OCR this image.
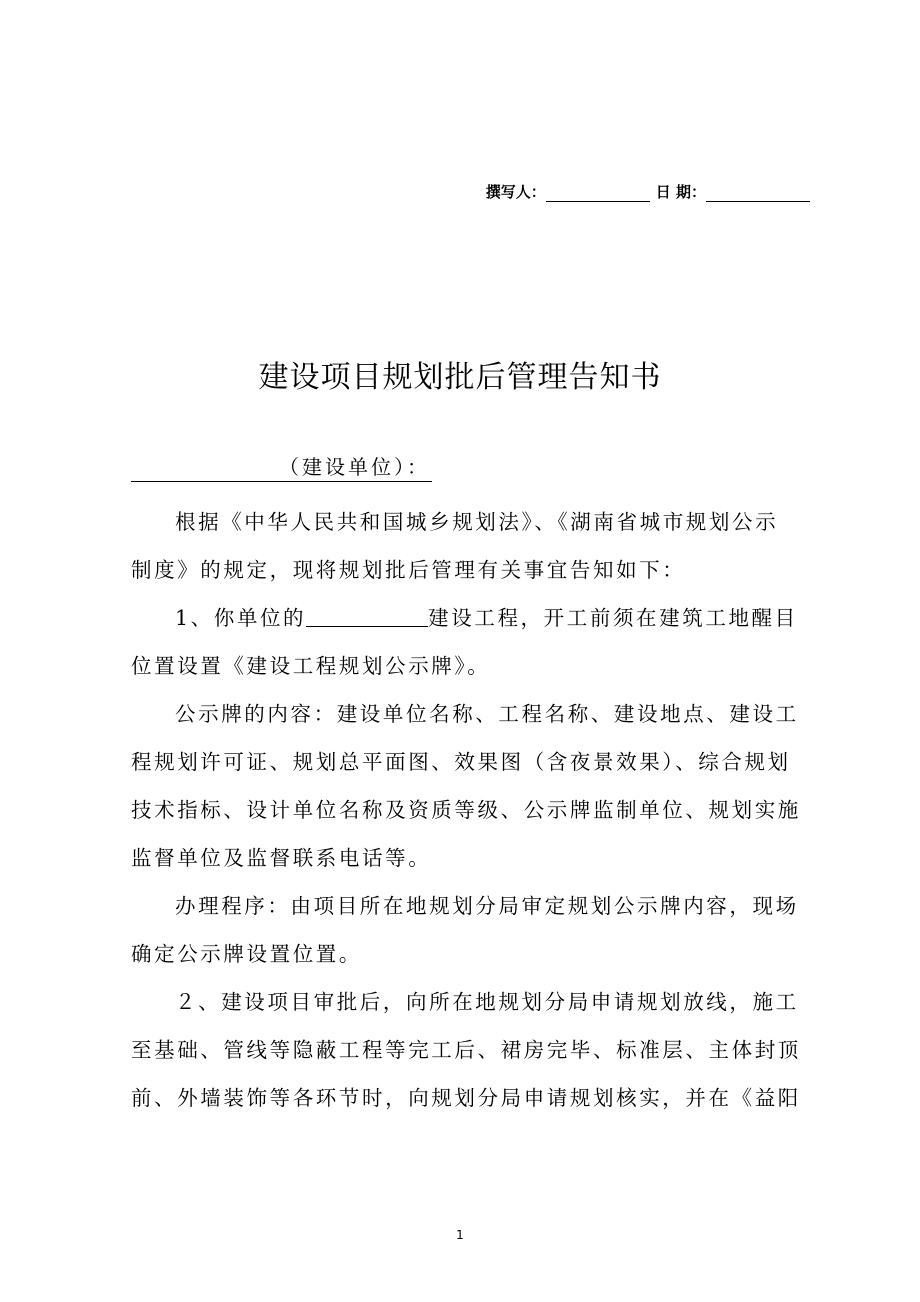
撰写人：	日 期：
建设项目规划批后管理告知书
（建设单位）：

根据《中华人民共和国城乡规划法》、《湖南省城市规划公示
制度》的规定，现将规划批后管理有关事宜告知如下：

1、你单位的	建设工程，开工前须在建筑工地醒目
位置设置《建设工程规划公示牌》。

公示牌的内容：建设单位名称、工程名称、建设地点、建设工
程规划许可证、规划总平面图、效果图（含夜景效果）、综合规划
技术指标、设计单位名称及资质等级、公示牌监制单位、规划实施
监督单位及监督联系电话等。

办理程序：由项目所在地规划分局审定规划公示牌内容，现场
确定公示牌设置位置。

２、建设项目审批后，向所在地规划分局申请规划放线，施工
至基础、管线等隐蔽工程等完工后、裙房完毕、标准层、主体封顶
前、外墙装饰等各环节时，向规划分局申请规划核实，并在《益阳

1
